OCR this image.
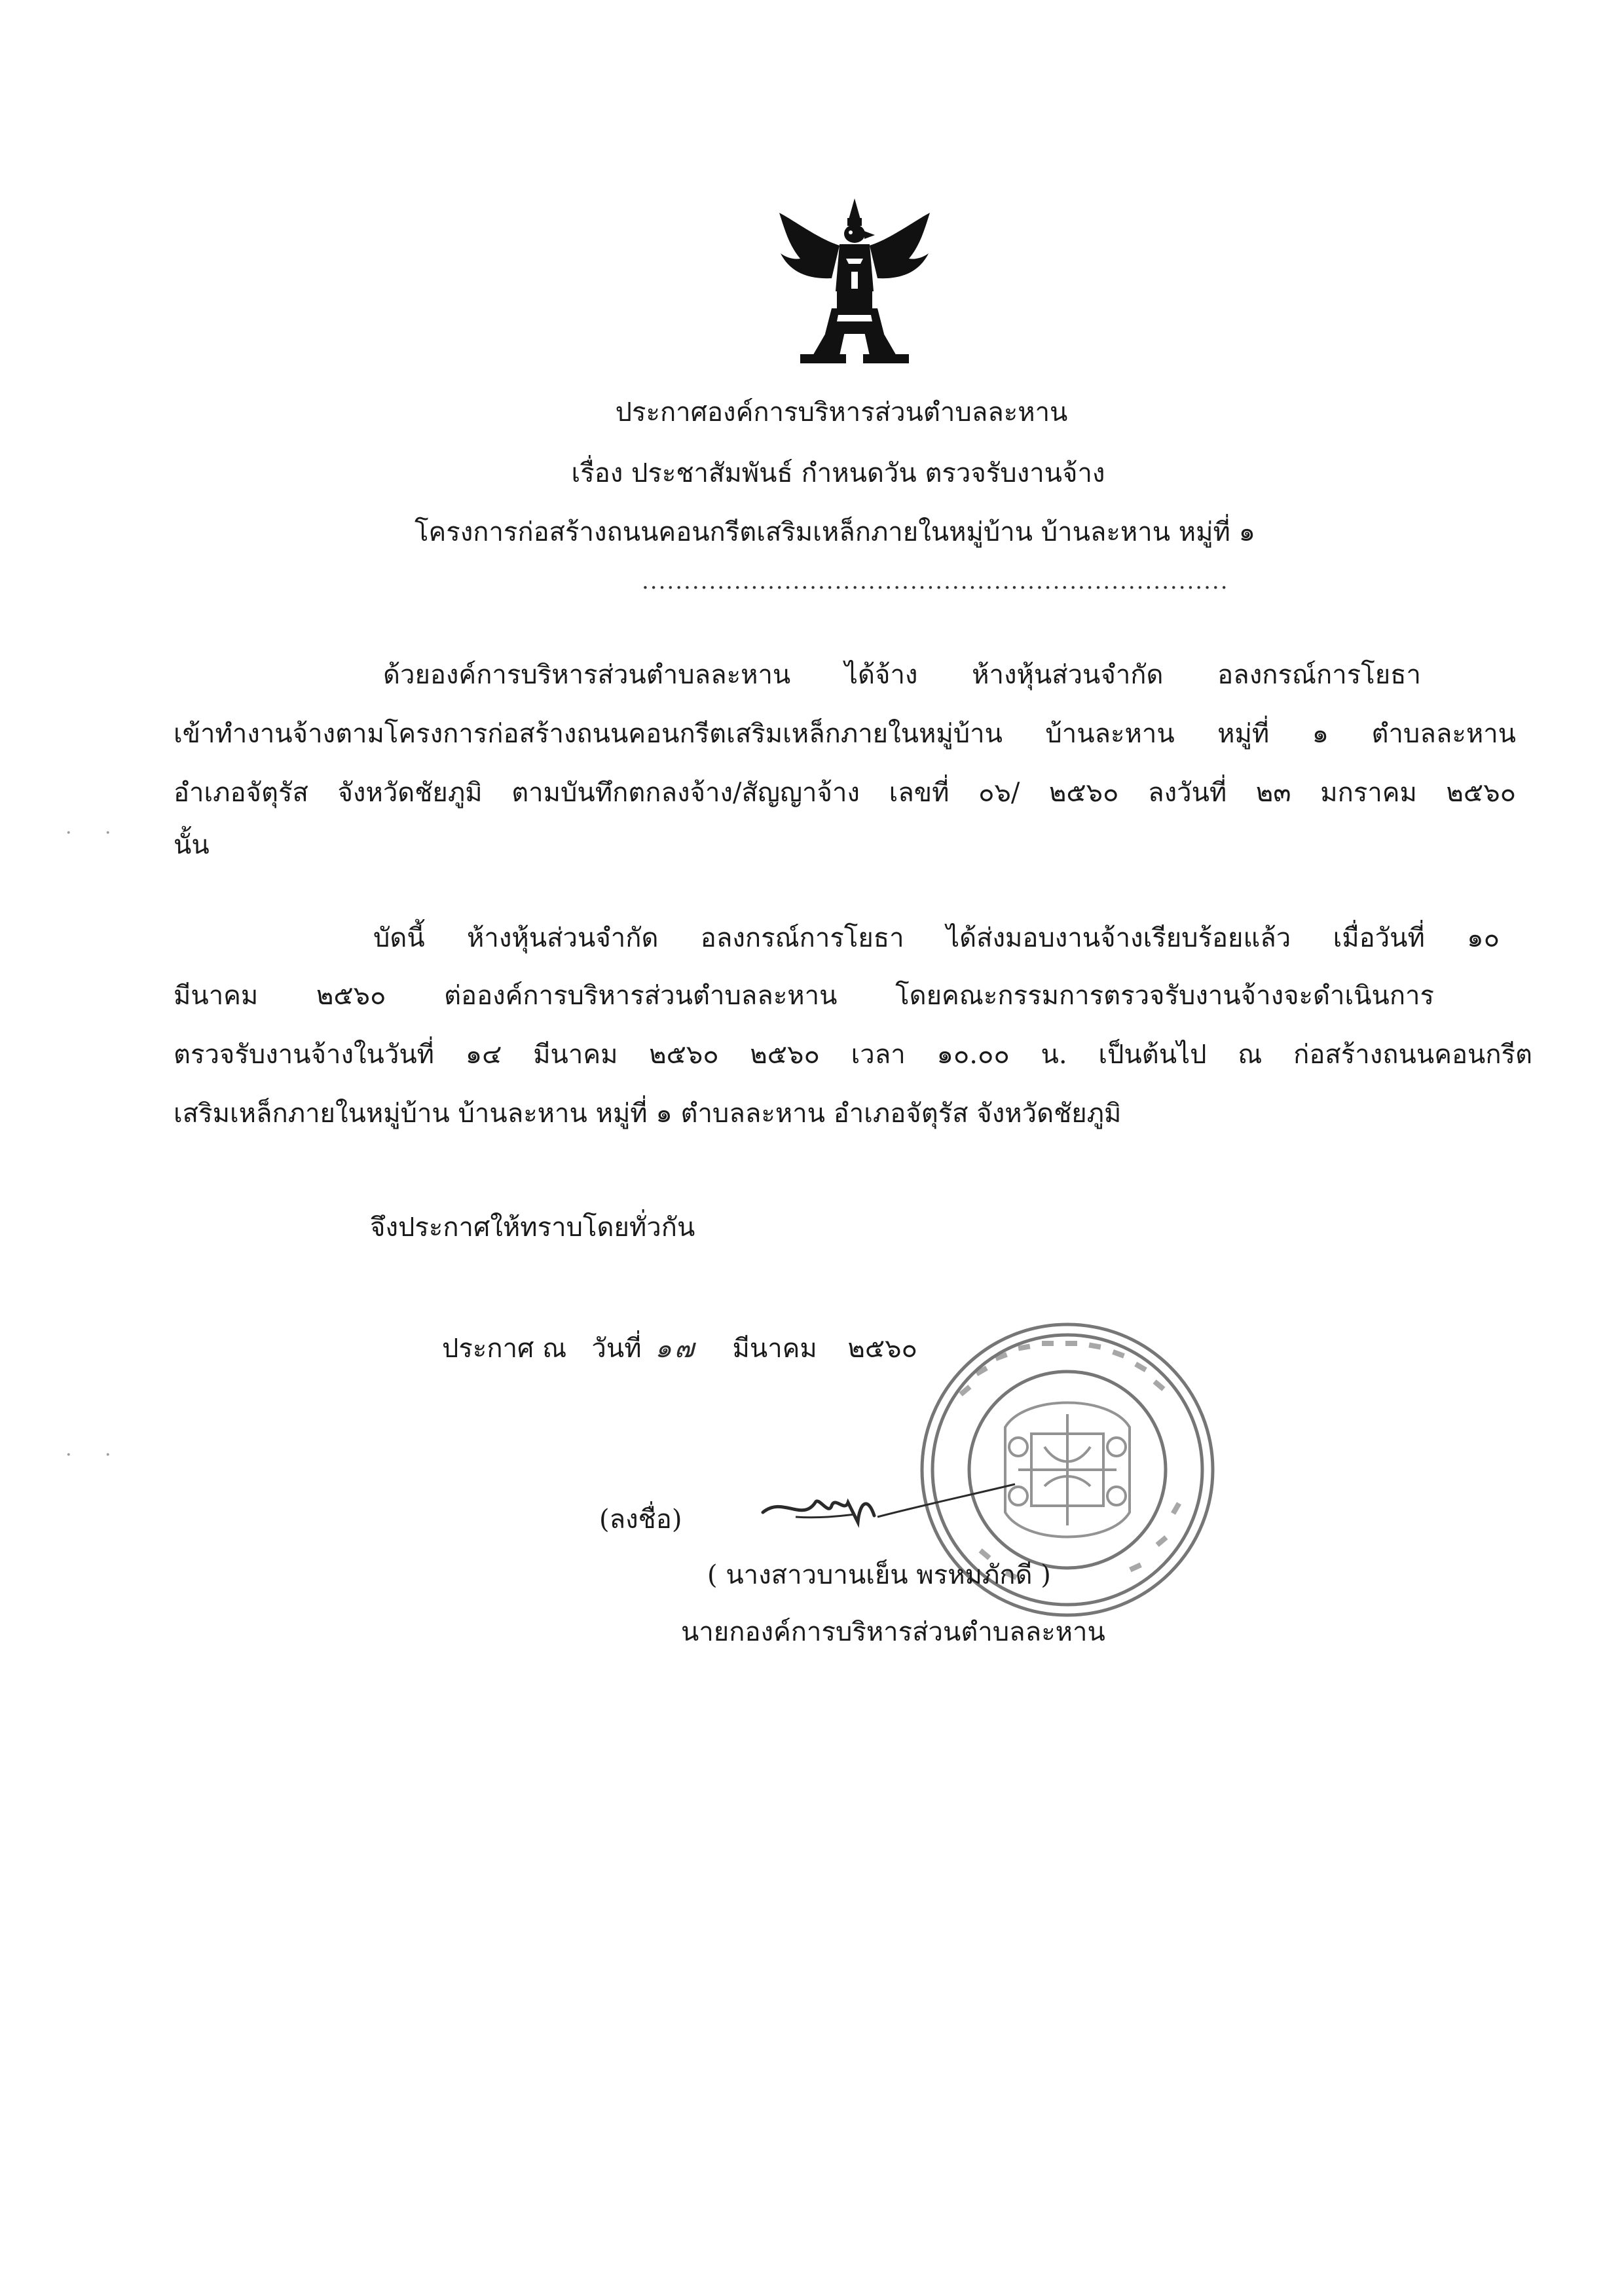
ประกาศองค์การบริหารส่วนตำบลละหาน
เรื่อง ประชาสัมพันธ์ กำหนดวัน ตรวจรับงานจ้าง
โครงการก่อสร้างถนนคอนกรีตเสริมเหล็กภายในหมู่บ้าน บ้านละหาน หมู่ที่ ๑
......................................................................
ด้วยองค์การบริหารส่วนตำบลละหาน ได้จ้าง ห้างหุ้นส่วนจำกัด อลงกรณ์การโยธา
เข้าทำงานจ้างตามโครงการก่อสร้างถนนคอนกรีตเสริมเหล็กภายในหมู่บ้าน บ้านละหาน หมู่ที่ ๑ ตำบลละหาน
อำเภอจัตุรัส จังหวัดชัยภูมิ ตามบันทึกตกลงจ้าง/สัญญาจ้าง เลขที่ ๐๖/ ๒๕๖๐ ลงวันที่ ๒๓ มกราคม ๒๕๖๐
นั้น
บัดนี้ ห้างหุ้นส่วนจำกัด อลงกรณ์การโยธา ได้ส่งมอบงานจ้างเรียบร้อยแล้ว เมื่อวันที่ ๑๐
มีนาคม ๒๕๖๐ ต่อองค์การบริหารส่วนตำบลละหาน โดยคณะกรรมการตรวจรับงานจ้างจะดำเนินการ
ตรวจรับงานจ้างในวันที่ ๑๔ มีนาคม ๒๕๖๐ ๒๕๖๐ เวลา ๑๐.๐๐ น. เป็นต้นไป ณ ก่อสร้างถนนคอนกรีต
เสริมเหล็กภายในหมู่บ้าน บ้านละหาน หมู่ที่ ๑ ตำบลละหาน อำเภอจัตุรัส จังหวัดชัยภูมิ
จึงประกาศให้ทราบโดยทั่วกัน
ประกาศ ณ   วันที่ ๑๗ มีนาคม ๒๕๖๐
(ลงชื่อ)
( นางสาวบานเย็น พรหมภักดี )
นายกองค์การบริหารส่วนตำบลละหาน
· ·
· ·
